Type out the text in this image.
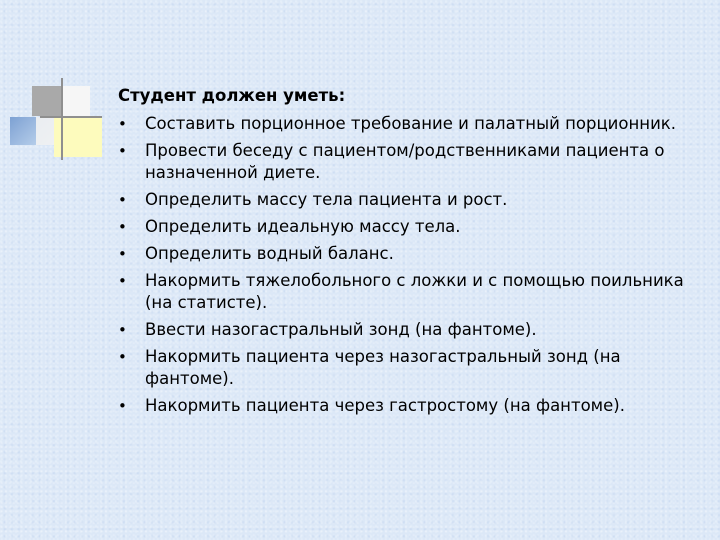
Студент должен уметь:

• Составить порционное требование и палатный порционник.
• Провести беседу с пациентом/родственниками пациента о назначенной диете.
• Определить массу тела пациента и рост.
• Определить идеальную массу тела.
• Определить водный баланс.
• Накормить тяжелобольного с ложки и с помощью поильника (на статисте).
• Ввести назогастральный зонд (на фантоме).
• Накормить пациента через назогастральный зонд (на фантоме).
• Накормить пациента через гастростому (на фантоме).
